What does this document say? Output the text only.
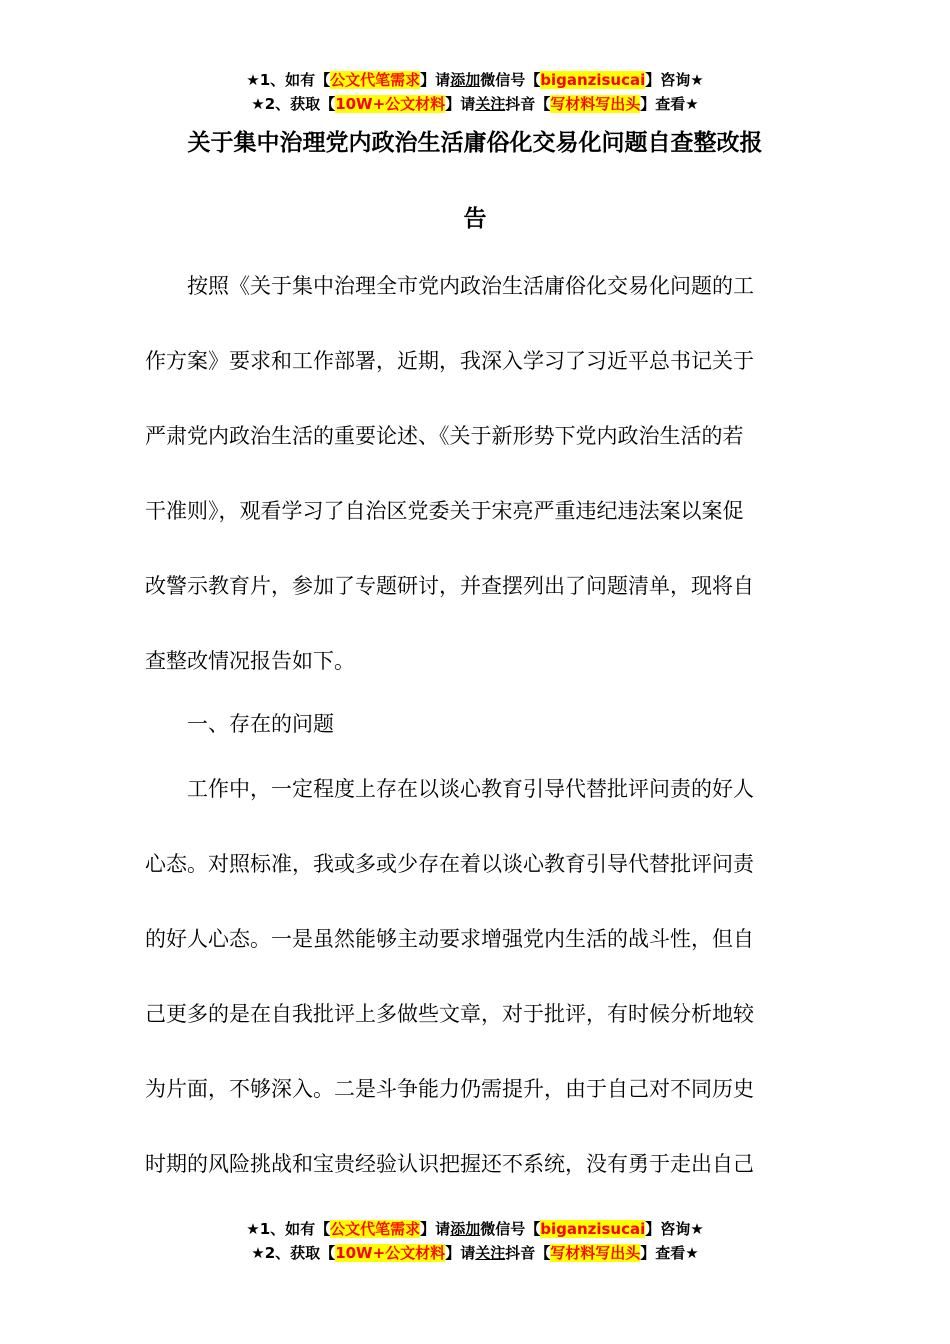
★1、如有【公文代笔需求】请添加微信号【biganzisucai】咨询★
★2、获取【10W+公文材料】请关注抖音【写材料写出头】查看★
关于集中治理党内政治生活庸俗化交易化问题自查整改报
告
　　按照《关于集中治理全市党内政治生活庸俗化交易化问题的工
作方案》要求和工作部署，近期，我深入学习了习近平总书记关于
严肃党内政治生活的重要论述、《关于新形势下党内政治生活的若
干准则》，观看学习了自治区党委关于宋亮严重违纪违法案以案促
改警示教育片，参加了专题研讨，并查摆列出了问题清单，现将自
查整改情况报告如下。
　　一、存在的问题
　　工作中，一定程度上存在以谈心教育引导代替批评问责的好人
心态。对照标准，我或多或少存在着以谈心教育引导代替批评问责
的好人心态。一是虽然能够主动要求增强党内生活的战斗性，但自
己更多的是在自我批评上多做些文章，对于批评，有时候分析地较
为片面，不够深入。二是斗争能力仍需提升，由于自己对不同历史
时期的风险挑战和宝贵经验认识把握还不系统，没有勇于走出自己
★1、如有【公文代笔需求】请添加微信号【biganzisucai】咨询★
★2、获取【10W+公文材料】请关注抖音【写材料写出头】查看★
